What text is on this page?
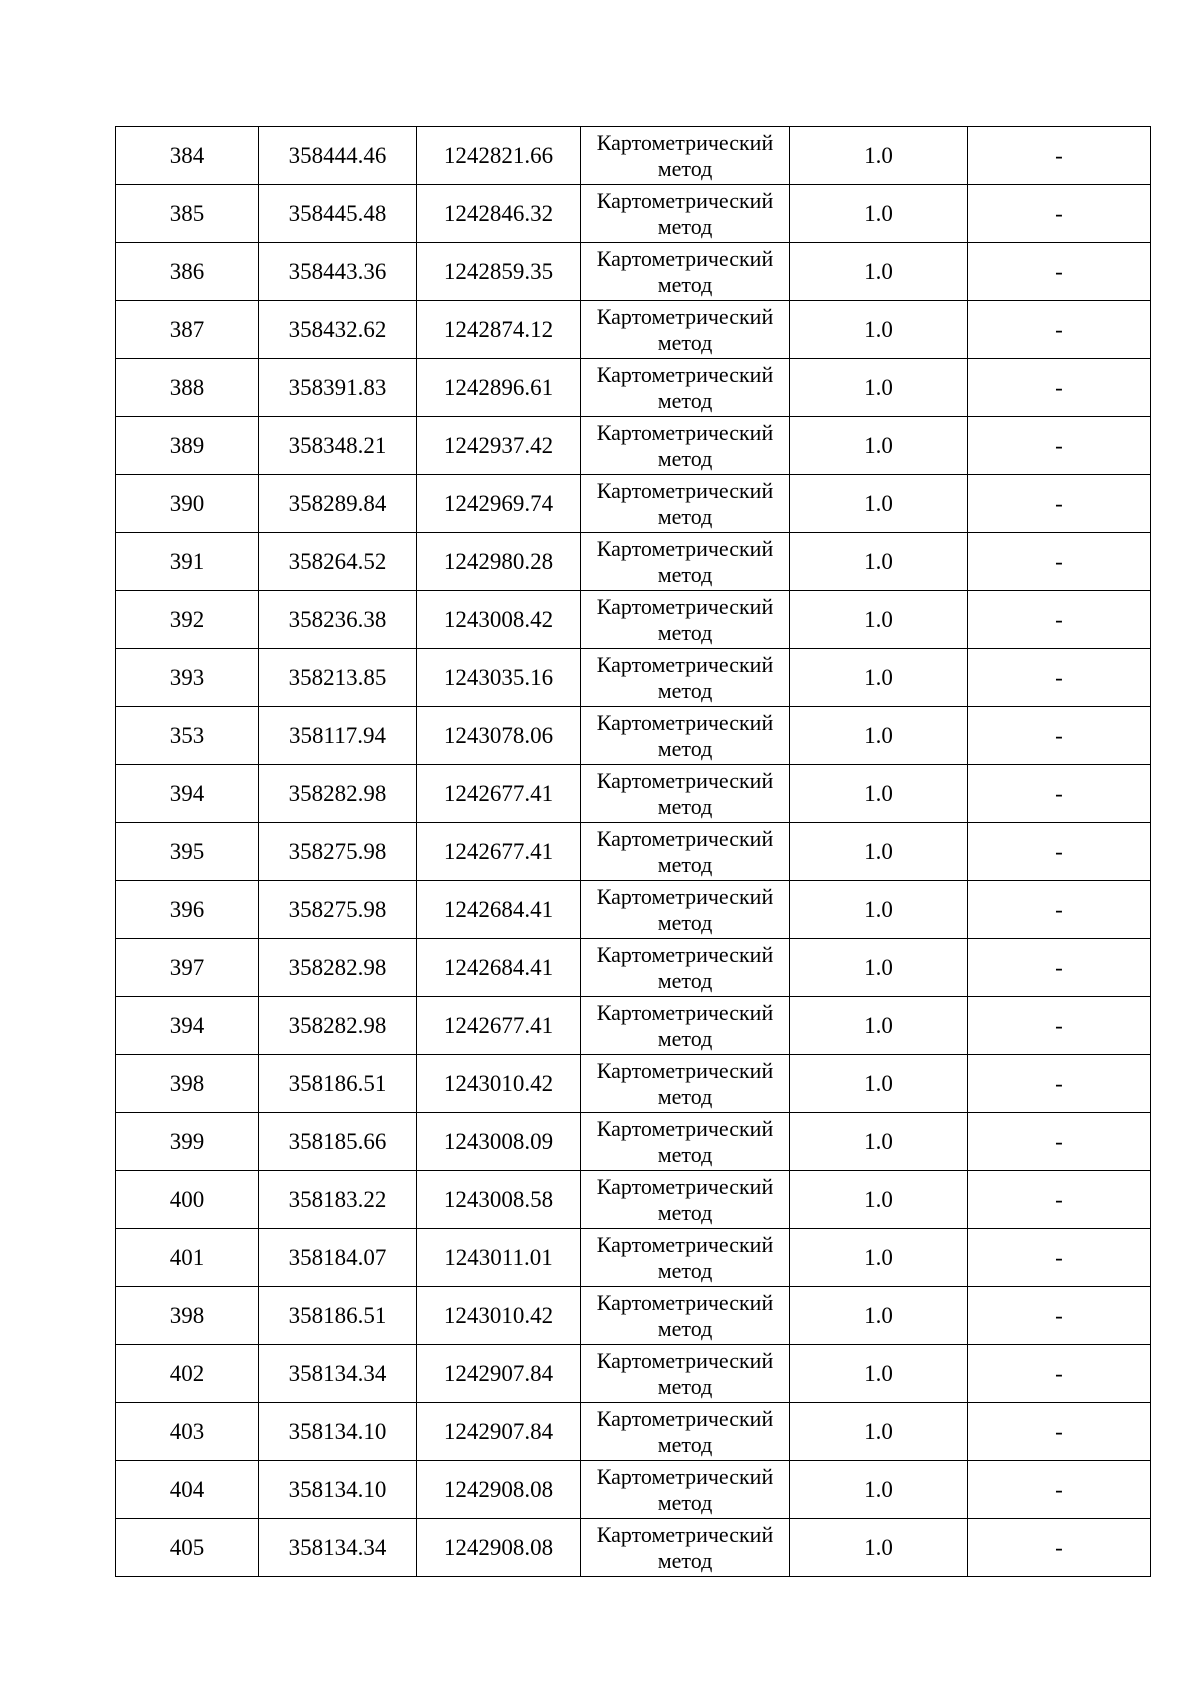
384	358444.46	1242821.66	Картометрический
метод	1.0	-
385	358445.48	1242846.32	Картометрический
метод	1.0	-
386	358443.36	1242859.35	Картометрический
метод	1.0	-
387	358432.62	1242874.12	Картометрический
метод	1.0	-
388	358391.83	1242896.61	Картометрический
метод	1.0	-
389	358348.21	1242937.42	Картометрический
метод	1.0	-
390	358289.84	1242969.74	Картометрический
метод	1.0	-
391	358264.52	1242980.28	Картометрический
метод	1.0	-
392	358236.38	1243008.42	Картометрический
метод	1.0	-
393	358213.85	1243035.16	Картометрический
метод	1.0	-
353	358117.94	1243078.06	Картометрический
метод	1.0	-
394	358282.98	1242677.41	Картометрический
метод	1.0	-
395	358275.98	1242677.41	Картометрический
метод	1.0	-
396	358275.98	1242684.41	Картометрический
метод	1.0	-
397	358282.98	1242684.41	Картометрический
метод	1.0	-
394	358282.98	1242677.41	Картометрический
метод	1.0	-
398	358186.51	1243010.42	Картометрический
метод	1.0	-
399	358185.66	1243008.09	Картометрический
метод	1.0	-
400	358183.22	1243008.58	Картометрический
метод	1.0	-
401	358184.07	1243011.01	Картометрический
метод	1.0	-
398	358186.51	1243010.42	Картометрический
метод	1.0	-
402	358134.34	1242907.84	Картометрический
метод	1.0	-
403	358134.10	1242907.84	Картометрический
метод	1.0	-
404	358134.10	1242908.08	Картометрический
метод	1.0	-
405	358134.34	1242908.08	Картометрический
метод	1.0	-
